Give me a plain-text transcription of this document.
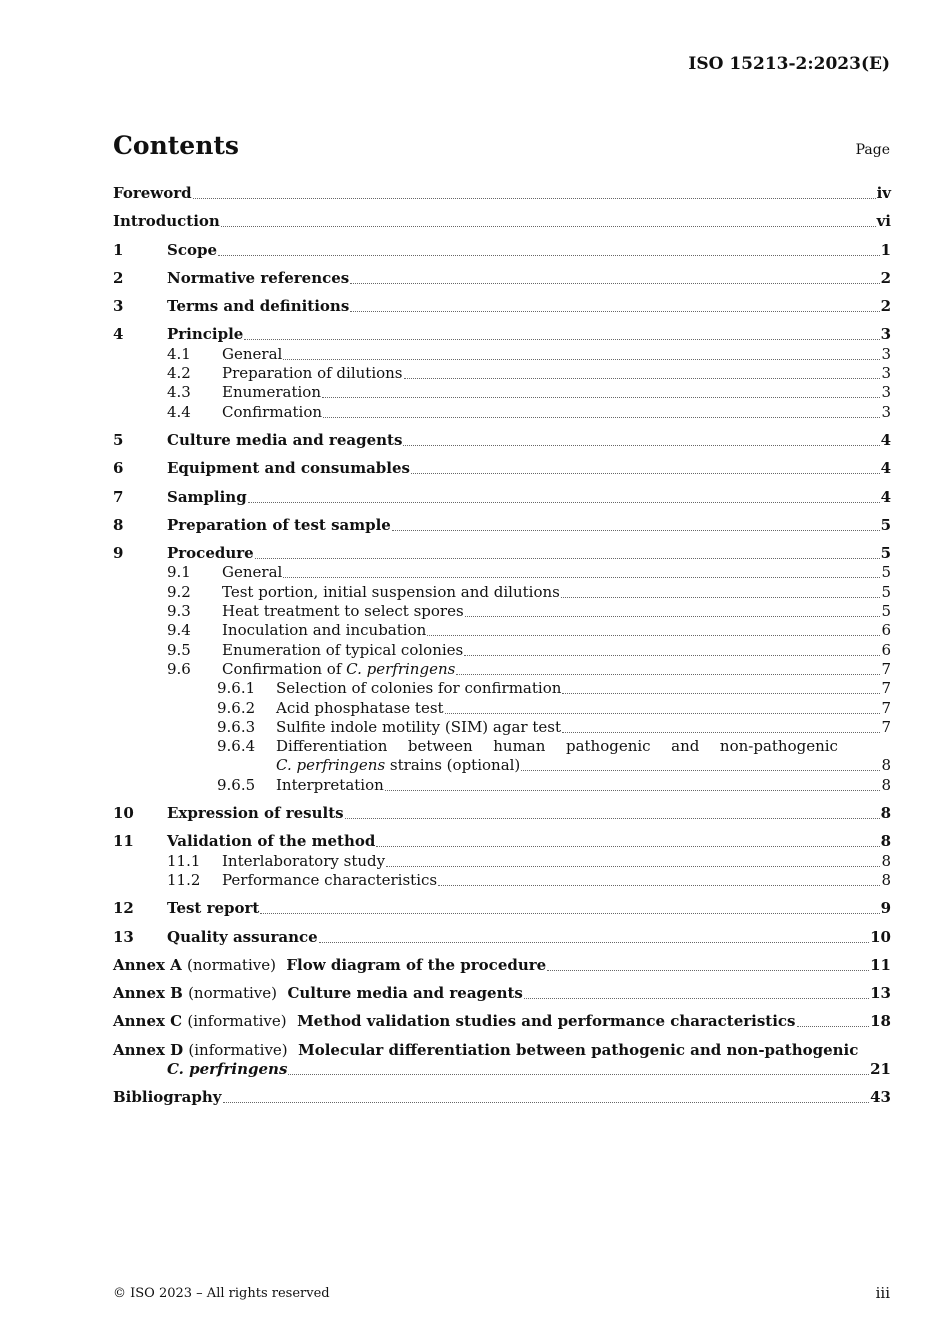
ISO 15213-2:2023(E)
Contents	Page
Foreword	iv
Introduction	vi
1	Scope	1
2	Normative references	2
3	Terms and definitions	2
4	Principle	3
4.1 General	3
4.2 Preparation of dilutions	3
4.3 Enumeration	3
4.4 Confirmation	3
5	Culture media and reagents	4
6	Equipment and consumables	4
7	Sampling	4
8	Preparation of test sample	5
9	Procedure	5
9.1 General	5
9.2 Test portion, initial suspension and dilutions	5
9.3 Heat treatment to select spores	5
9.4 Inoculation and incubation	6
9.5 Enumeration of typical colonies	6
9.6 Confirmation of C. perfringens	7
9.6.1 Selection of colonies for confirmation	7
9.6.2 Acid phosphatase test	7
9.6.3 Sulfite indole motility (SIM) agar test	7
9.6.4 Differentiation between human pathogenic and non-pathogenic
C. perfringens strains (optional)	8
9.6.5 Interpretation	8
10 Expression of results	8
11 Validation of the method	8
11.1 Interlaboratory study	8
11.2 Performance characteristics	8
12 Test report	9
13 Quality assurance	10
Annex A (normative) Flow diagram of the procedure	11
Annex B (normative) Culture media and reagents	13
Annex C (informative) Method validation studies and performance characteristics	18
Annex D (informative) Molecular differentiation between pathogenic and non-pathogenic
C. perfringens	21
Bibliography	43
© ISO 2023 – All rights reserved	iii
